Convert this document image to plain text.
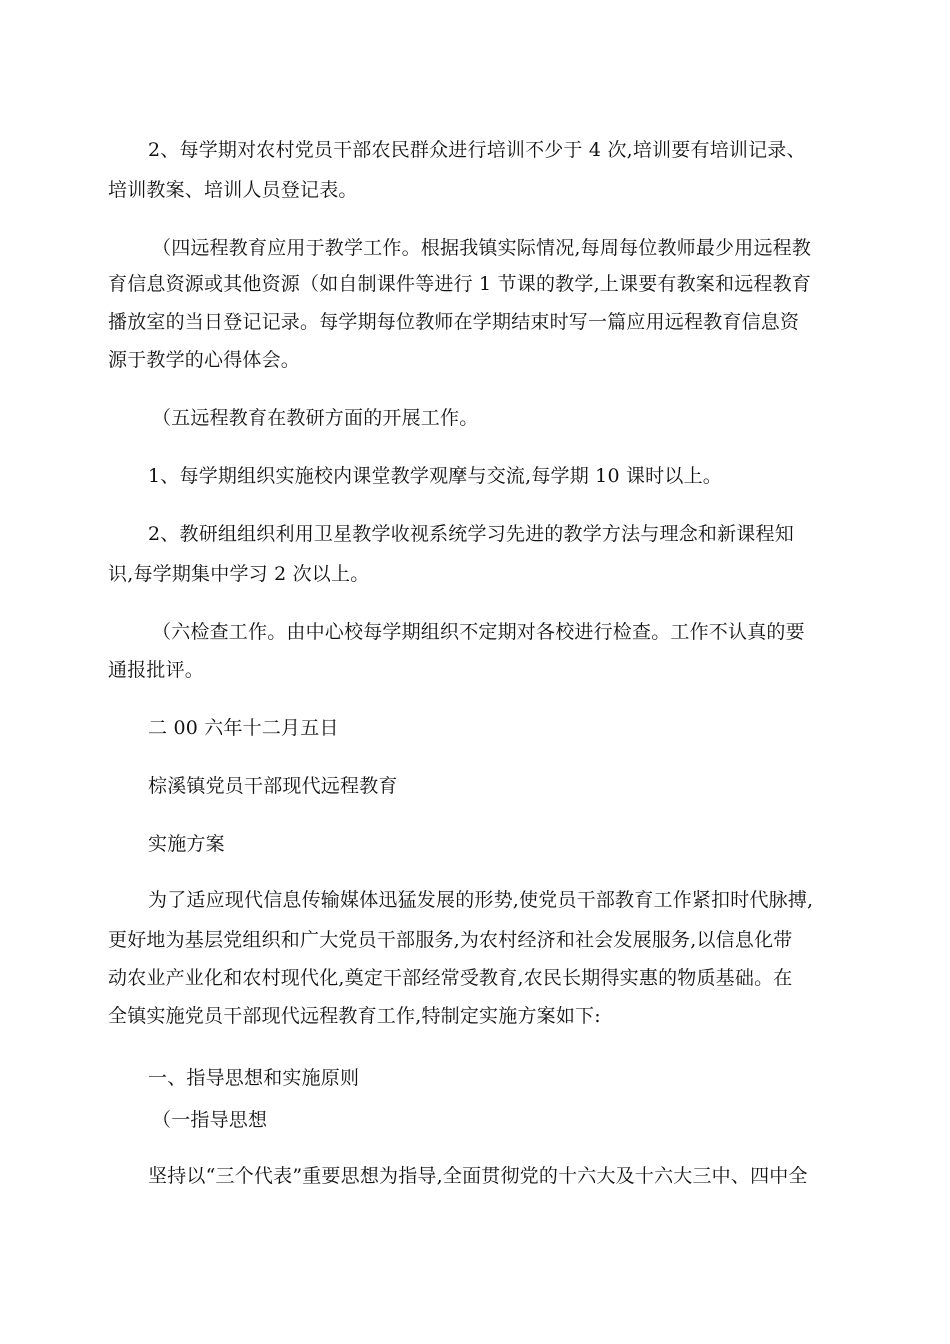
2、每学期对农村党员干部农民群众进行培训不少于 4 次,培训要有培训记录、
培训教案、培训人员登记表。
（四远程教育应用于教学工作。根据我镇实际情况,每周每位教师最少用远程教
育信息资源或其他资源（如自制课件等进行 1 节课的教学,上课要有教案和远程教育
播放室的当日登记记录。每学期每位教师在学期结束时写一篇应用远程教育信息资
源于教学的心得体会。
（五远程教育在教研方面的开展工作。
1、每学期组织实施校内课堂教学观摩与交流,每学期 10 课时以上。
2、教研组组织利用卫星教学收视系统学习先进的教学方法与理念和新课程知
识,每学期集中学习 2 次以上。
（六检查工作。由中心校每学期组织不定期对各校进行检查。工作不认真的要
通报批评。
二 00 六年十二月五日
棕溪镇党员干部现代远程教育
实施方案
为了适应现代信息传输媒体迅猛发展的形势,使党员干部教育工作紧扣时代脉搏,
更好地为基层党组织和广大党员干部服务,为农村经济和社会发展服务,以信息化带
动农业产业化和农村现代化,奠定干部经常受教育,农民长期得实惠的物质基础。在
全镇实施党员干部现代远程教育工作,特制定实施方案如下:
一、指导思想和实施原则
（一指导思想
坚持以“三个代表”重要思想为指导,全面贯彻党的十六大及十六大三中、四中全
